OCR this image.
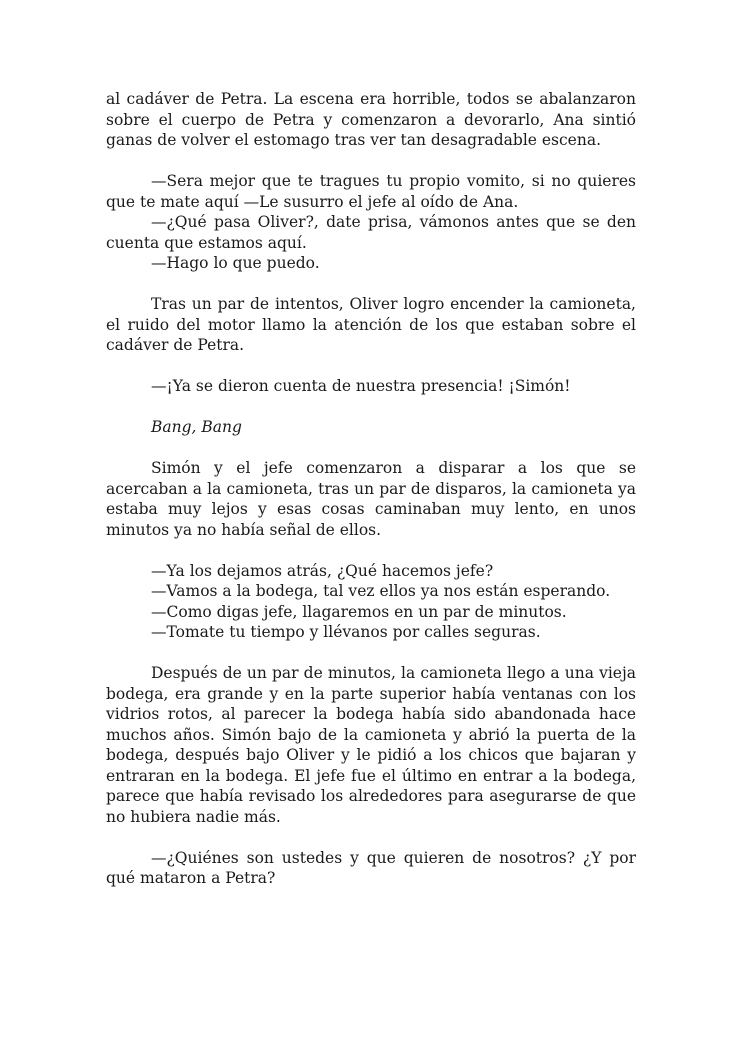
al cadáver de Petra. La escena era horrible, todos se abalanzaron sobre el cuerpo de Petra y comenzaron a devorarlo, Ana sintió ganas de volver el estomago tras ver tan desagradable escena.

—Sera mejor que te tragues tu propio vomito, si no quieres que te mate aquí —Le susurro el jefe al oído de Ana.

—¿Qué pasa Oliver?, date prisa, vámonos antes que se den cuenta que estamos aquí.

—Hago lo que puedo.

Tras un par de intentos, Oliver logro encender la camioneta, el ruido del motor llamo la atención de los que estaban sobre el cadáver de Petra.

—¡Ya se dieron cuenta de nuestra presencia! ¡Simón!

Bang, Bang

Simón y el jefe comenzaron a disparar a los que se acercaban a la camioneta, tras un par de disparos, la camioneta ya estaba muy lejos y esas cosas caminaban muy lento, en unos minutos ya no había señal de ellos.

—Ya los dejamos atrás, ¿Qué hacemos jefe?

—Vamos a la bodega, tal vez ellos ya nos están esperando.

—Como digas jefe, llagaremos en un par de minutos.

—Tomate tu tiempo y llévanos por calles seguras.

Después de un par de minutos, la camioneta llego a una vieja bodega, era grande y en la parte superior había ventanas con los vidrios rotos, al parecer la bodega había sido abandonada hace muchos años. Simón bajo de la camioneta y abrió la puerta de la bodega, después bajo Oliver y le pidió a los chicos que bajaran y entraran en la bodega. El jefe fue el último en entrar a la bodega, parece que había revisado los alrededores para asegurarse de que no hubiera nadie más.

—¿Quiénes son ustedes y que quieren de nosotros? ¿Y por qué mataron a Petra?
